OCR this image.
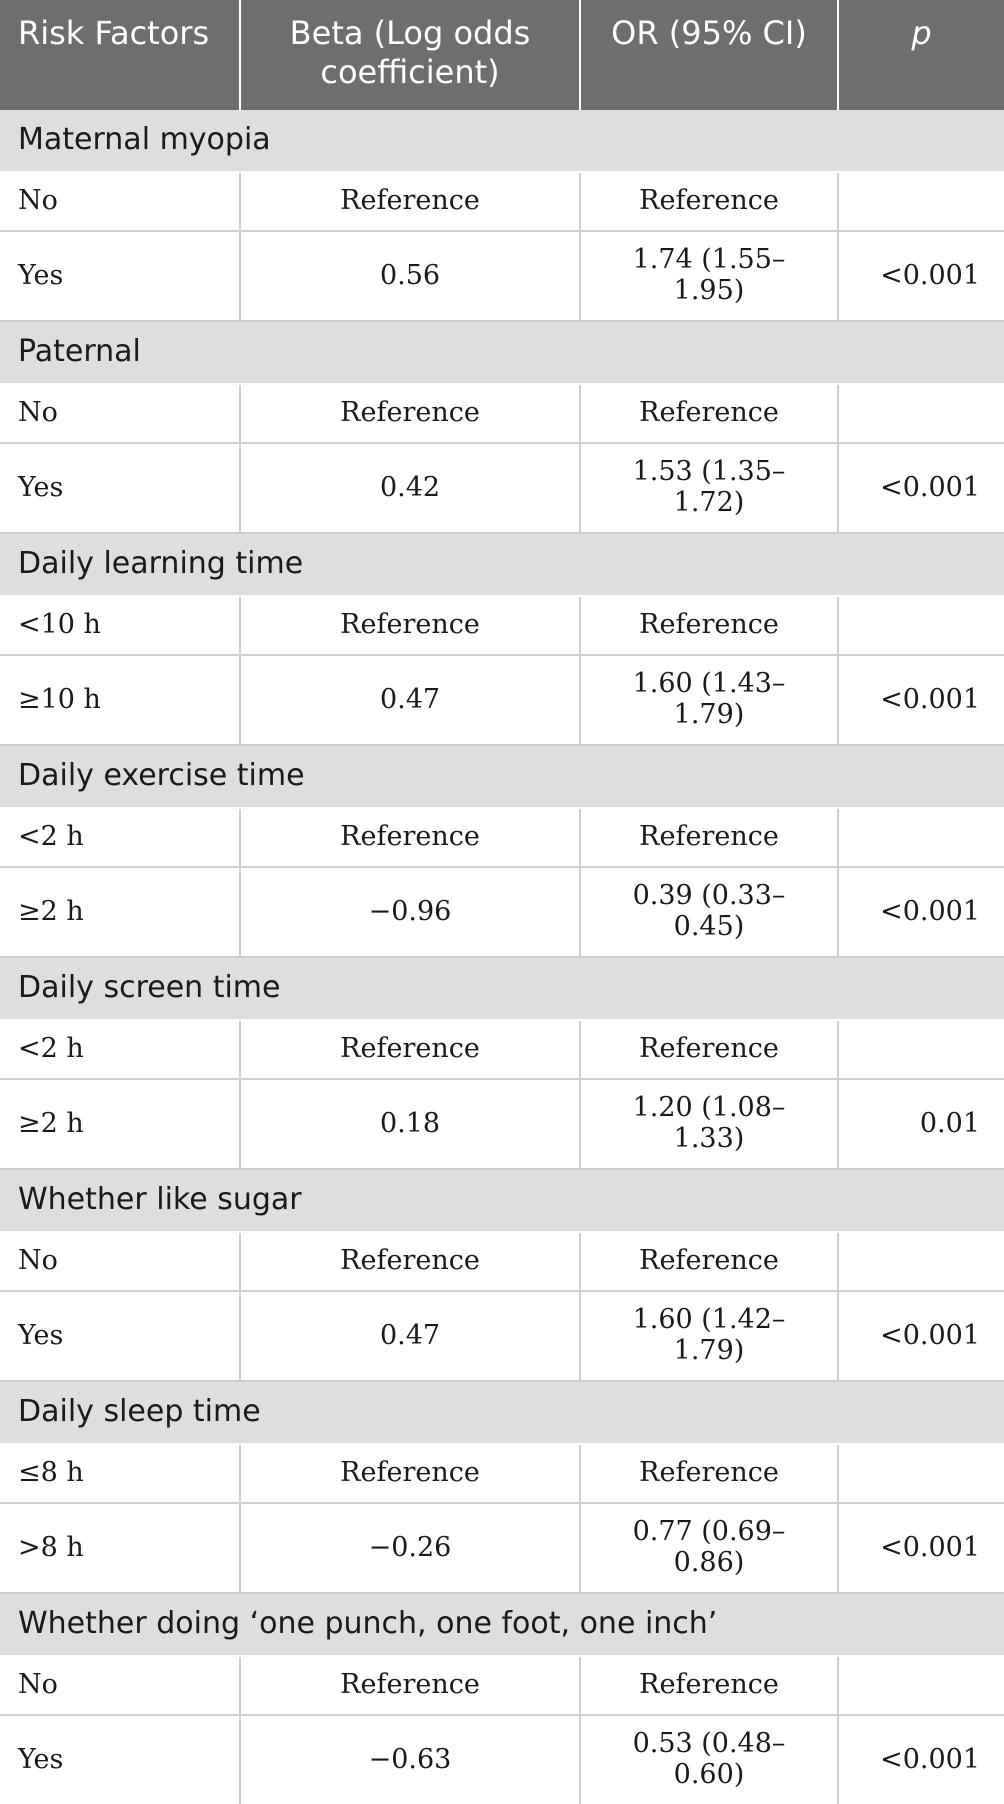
Risk Factors	Beta (Log odds coefficient)	OR (95% CI)	p
Maternal myopia			
No	Reference	Reference	
Yes	0.56	1.74 (1.55–1.95)	<0.001
Paternal			
No	Reference	Reference	
Yes	0.42	1.53 (1.35–1.72)	<0.001
Daily learning time			
<10 h	Reference	Reference	
≥10 h	0.47	1.60 (1.43–1.79)	<0.001
Daily exercise time			
<2 h	Reference	Reference	
≥2 h	−0.96	0.39 (0.33–0.45)	<0.001
Daily screen time			
<2 h	Reference	Reference	
≥2 h	0.18	1.20 (1.08–1.33)	0.01
Whether like sugar			
No	Reference	Reference	
Yes	0.47	1.60 (1.42–1.79)	<0.001
Daily sleep time			
≤8 h	Reference	Reference	
>8 h	−0.26	0.77 (0.69–0.86)	<0.001
Whether doing ‘one punch, one foot, one inch’			
No	Reference	Reference	
Yes	−0.63	0.53 (0.48–0.60)	<0.001
